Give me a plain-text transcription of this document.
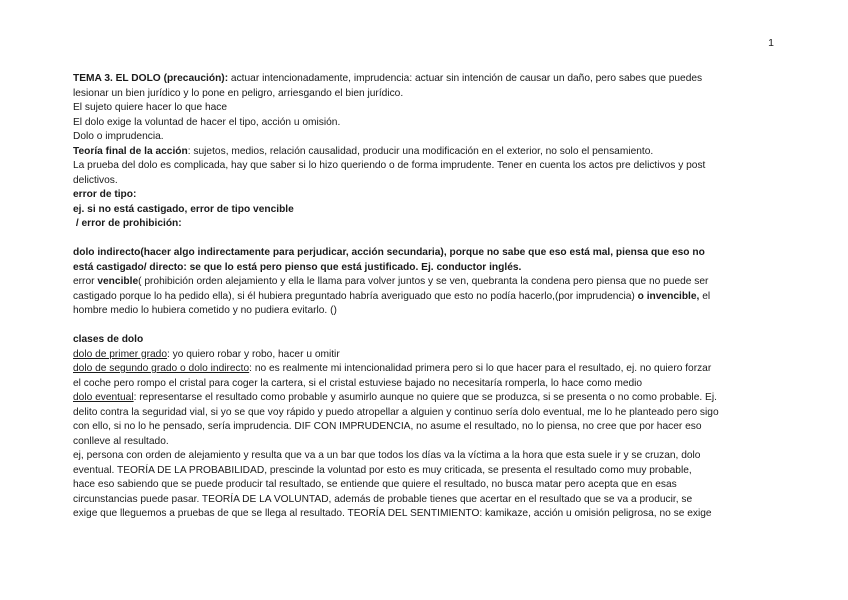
1

TEMA 3. EL DOLO (precaución): actuar intencionadamente, imprudencia: actuar sin intención de causar un daño, pero sabes que puedes

lesionar un bien jurídico y lo pone en peligro, arriesgando el bien jurídico.

El sujeto quiere hacer lo que hace

El dolo exige la voluntad de hacer el tipo, acción u omisión.

Dolo o imprudencia.

Teoría final de la acción: sujetos, medios, relación causalidad, producir una modificación en el exterior, no solo el pensamiento.

La prueba del dolo es complicada, hay que saber si lo hizo queriendo o de forma imprudente. Tener en cuenta los actos pre delictivos y post

delictivos.

error de tipo:

ej. si no está castigado, error de tipo vencible

/ error de prohibición:

dolo indirecto(hacer algo indirectamente para perjudicar, acción secundaria), porque no sabe que eso está mal, piensa que eso no

está castigado/ directo: se que lo está pero pienso que está justificado. Ej. conductor inglés.

error vencible( prohibición orden alejamiento y ella le llama para volver juntos y se ven, quebranta la condena pero piensa que no puede ser

castigado porque lo ha pedido ella), si él hubiera preguntado habría averiguado que esto no podía hacerlo,(por imprudencia) o invencible, el

hombre medio lo hubiera cometido y no pudiera evitarlo. ()

clases de dolo

dolo de primer grado: yo quiero robar y robo, hacer u omitir

dolo de segundo grado o dolo indirecto: no es realmente mi intencionalidad primera pero si lo que hacer para el resultado, ej. no quiero forzar

el coche pero rompo el cristal para coger la cartera, si el cristal estuviese bajado no necesitaría romperla, lo hace como medio

dolo eventual: representarse el resultado como probable y asumirlo aunque no quiere que se produzca, si se presenta o no como probable. Ej.

delito contra la seguridad vial, si yo se que voy rápido y puedo atropellar a alguien y continuo sería dolo eventual, me lo he planteado pero sigo

con ello, si no lo he pensado, sería imprudencia. DIF CON IMPRUDENCIA, no asume el resultado, no lo piensa, no cree que por hacer eso

conlleve al resultado.

ej, persona con orden de alejamiento y resulta que va a un bar que todos los días va la víctima a la hora que esta suele ir y se cruzan, dolo

eventual. TEORÍA DE LA PROBABILIDAD, prescinde la voluntad por esto es muy criticada, se presenta el resultado como muy probable,

hace eso sabiendo que se puede producir tal resultado, se entiende que quiere el resultado, no busca matar pero acepta que en esas

circunstancias puede pasar. TEORÍA DE LA VOLUNTAD, además de probable tienes que acertar en el resultado que se va a producir, se

exige que lleguemos a pruebas de que se llega al resultado. TEORÍA DEL SENTIMIENTO: kamikaze, acción u omisión peligrosa, no se exige
